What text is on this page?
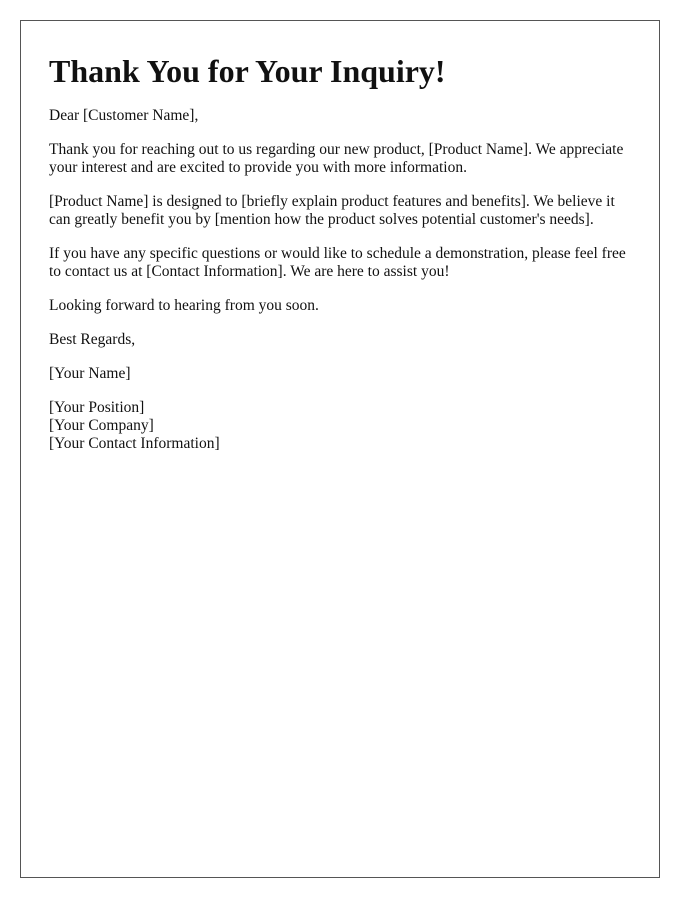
Thank You for Your Inquiry!

Dear [Customer Name],

Thank you for reaching out to us regarding our new product, [Product Name]. We appreciate your interest and are excited to provide you with more information.

[Product Name] is designed to [briefly explain product features and benefits]. We believe it can greatly benefit you by [mention how the product solves potential customer's needs].

If you have any specific questions or would like to schedule a demonstration, please feel free to contact us at [Contact Information]. We are here to assist you!

Looking forward to hearing from you soon.

Best Regards,

[Your Name]

[Your Position]
[Your Company]
[Your Contact Information]
